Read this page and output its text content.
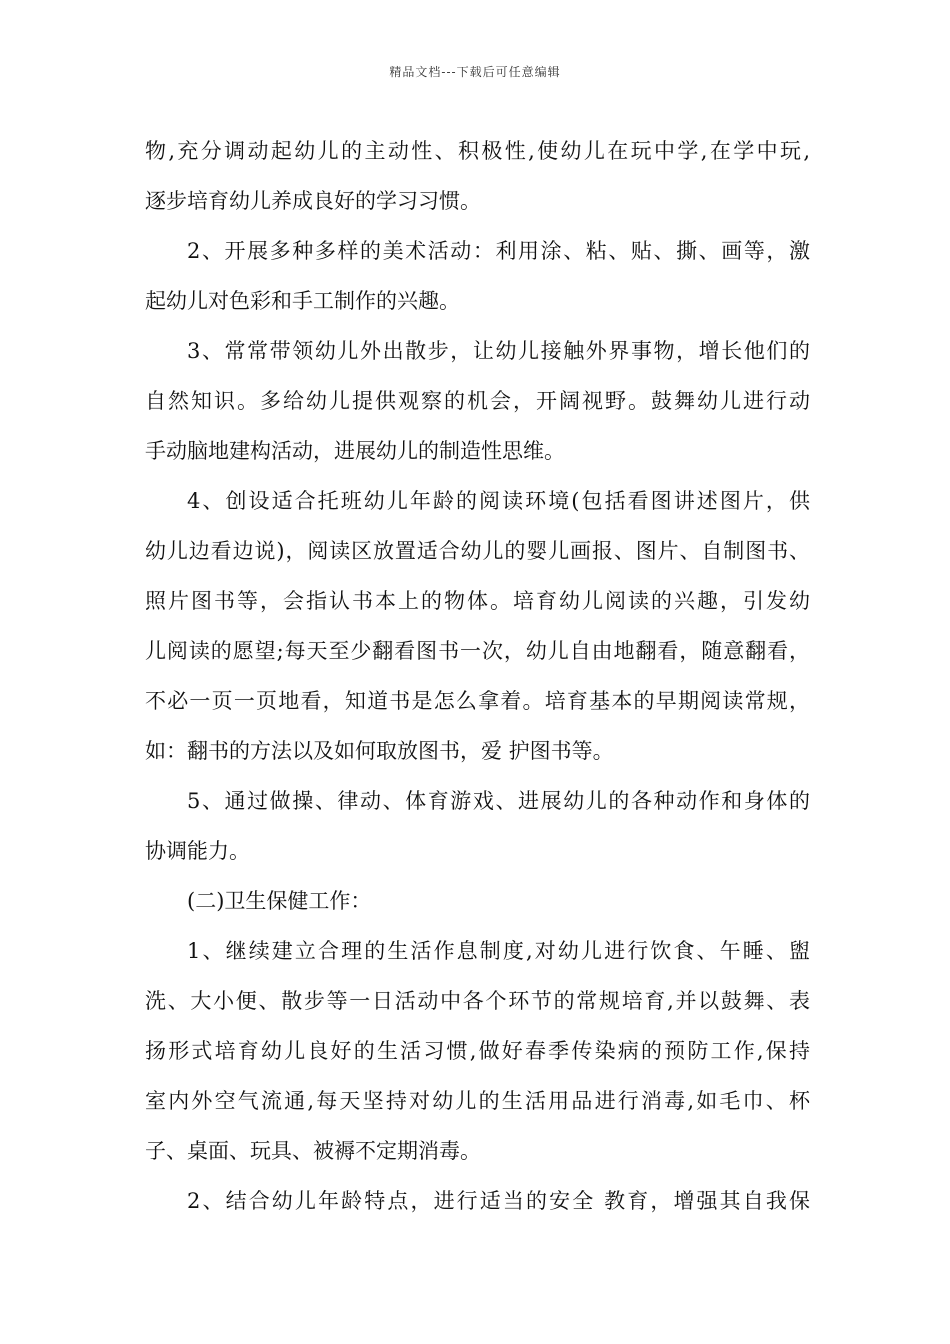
精品文档---下载后可任意编辑
物,充分调动起幼儿的主动性、积极性,使幼儿在玩中学,在学中玩,
逐步培育幼儿养成良好的学习习惯。
2、开展多种多样的美术活动：利用涂、粘、贴、撕、画等，激
起幼儿对色彩和手工制作的兴趣。
3、常常带领幼儿外出散步，让幼儿接触外界事物，增长他们的
自然知识。多给幼儿提供观察的机会，开阔视野。鼓舞幼儿进行动
手动脑地建构活动，进展幼儿的制造性思维。
4、创设适合托班幼儿年龄的阅读环境(包括看图讲述图片，供
幼儿边看边说)，阅读区放置适合幼儿的婴儿画报、图片、自制图书、
照片图书等，会指认书本上的物体。培育幼儿阅读的兴趣，引发幼
儿阅读的愿望;每天至少翻看图书一次，幼儿自由地翻看，随意翻看，
不必一页一页地看，知道书是怎么拿着。培育基本的早期阅读常规，
如：翻书的方法以及如何取放图书，爱 护图书等。
5、通过做操、律动、体育游戏、进展幼儿的各种动作和身体的
协调能力。
(二)卫生保健工作：
1、继续建立合理的生活作息制度,对幼儿进行饮食、午睡、盥
洗、大小便、散步等一日活动中各个环节的常规培育,并以鼓舞、表
扬形式培育幼儿良好的生活习惯,做好春季传染病的预防工作,保持
室内外空气流通,每天坚持对幼儿的生活用品进行消毒,如毛巾、杯
子、桌面、玩具、被褥不定期消毒。
2、结合幼儿年龄特点，进行适当的安全 教育，增强其自我保
